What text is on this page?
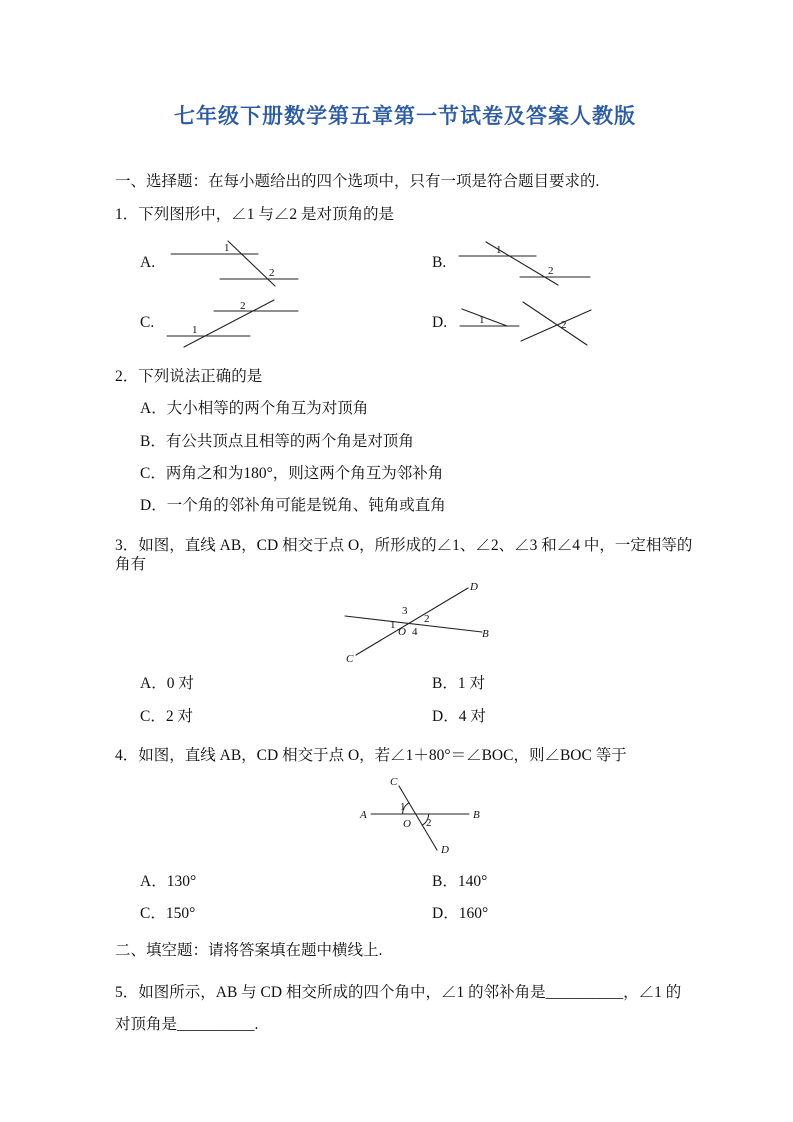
七年级下册数学第五章第一节试卷及答案人教版

一、选择题：在每小题给出的四个选项中，只有一项是符合题目要求的.

1．下列图形中，∠1 与∠2 是对顶角的是

A.
1
2
B.
1
2
C.
2
1	D.	1	2

2．下列说法正确的是

A．大小相等的两个角互为对顶角

B．有公共顶点且相等的两个角是对顶角

C．两角之和为180°，则这两个角互为邻补角

D．一个角的邻补角可能是锐角、钝角或直角

3．如图，直线 AB，CD 相交于点 O，所形成的∠1、∠2、∠3 和∠4 中，一定相等的角有

D
C
B
O
3
1	2
4

A．0 对	B．1 对

C．2 对	D．4 对

4．如图，直线 AB，CD 相交于点 O，若∠1＋80°＝∠BOC，则∠BOC 等于

A	B
C
D
O
1
2

A．130°	B．140°

C．150°	D．160°

二、填空题：请将答案填在题中横线上.

5．如图所示，AB 与 CD 相交所成的四个角中，∠1 的邻补角是__________，∠1 的对顶角是__________.
